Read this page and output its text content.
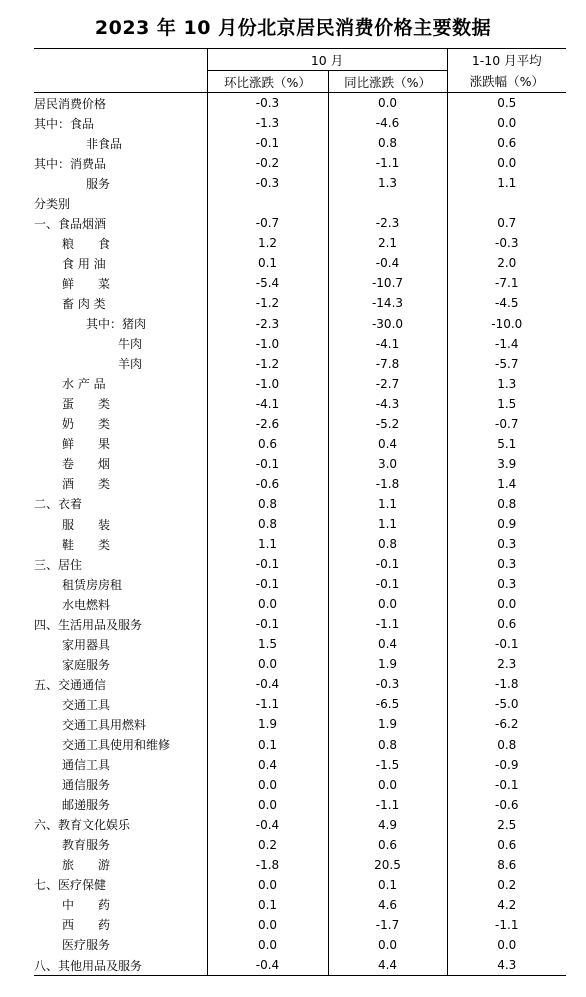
2023 年 10 月份北京居民消费价格主要数据
	10 月		1-10 月平均
	环比涨跌（%）	同比涨跌（%）	涨跌幅（%）
居民消费价格	-0.3	0.0	0.5
其中：食品	-1.3	-4.6	0.0
非食品	-0.1	0.8	0.6
其中：消费品	-0.2	-1.1	0.0
服务	-0.3	1.3	1.1
分类别			
一、食品烟酒	-0.7	-2.3	0.7
粮　　食	1.2	2.1	-0.3
食 用 油	0.1	-0.4	2.0
鲜　　菜	-5.4	-10.7	-7.1
畜 肉 类	-1.2	-14.3	-4.5
其中：猪肉	-2.3	-30.0	-10.0
牛肉	-1.0	-4.1	-1.4
羊肉	-1.2	-7.8	-5.7
水 产 品	-1.0	-2.7	1.3
蛋　　类	-4.1	-4.3	1.5
奶　　类	-2.6	-5.2	-0.7
鲜　　果	0.6	0.4	5.1
卷　　烟	-0.1	3.0	3.9
酒　　类	-0.6	-1.8	1.4
二、衣着	0.8	1.1	0.8
服　　装	0.8	1.1	0.9
鞋　　类	1.1	0.8	0.3
三、居住	-0.1	-0.1	0.3
租赁房房租	-0.1	-0.1	0.3
水电燃料	0.0	0.0	0.0
四、生活用品及服务	-0.1	-1.1	0.6
家用器具	1.5	0.4	-0.1
家庭服务	0.0	1.9	2.3
五、交通通信	-0.4	-0.3	-1.8
交通工具	-1.1	-6.5	-5.0
交通工具用燃料	1.9	1.9	-6.2
交通工具使用和维修	0.1	0.8	0.8
通信工具	0.4	-1.5	-0.9
通信服务	0.0	0.0	-0.1
邮递服务	0.0	-1.1	-0.6
六、教育文化娱乐	-0.4	4.9	2.5
教育服务	0.2	0.6	0.6
旅　　游	-1.8	20.5	8.6
七、医疗保健	0.0	0.1	0.2
中　　药	0.1	4.6	4.2
西　　药	0.0	-1.7	-1.1
医疗服务	0.0	0.0	0.0
八、其他用品及服务	-0.4	4.4	4.3
